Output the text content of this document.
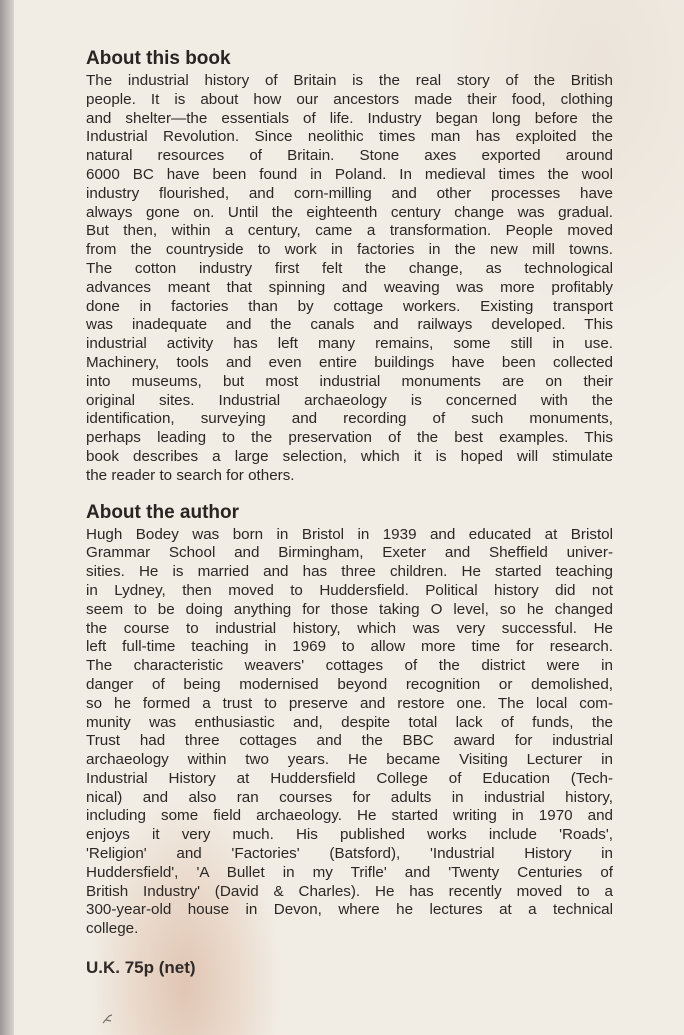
About this book
The industrial history of Britain is the real story of the British
people. It is about how our ancestors made their food, clothing
and shelter—the essentials of life. Industry began long before the
Industrial Revolution. Since neolithic times man has exploited the
natural resources of Britain. Stone axes exported around
6000 BC have been found in Poland. In medieval times the wool
industry flourished, and corn-milling and other processes have
always gone on. Until the eighteenth century change was gradual.
But then, within a century, came a transformation. People moved
from the countryside to work in factories in the new mill towns.
The cotton industry first felt the change, as technological
advances meant that spinning and weaving was more profitably
done in factories than by cottage workers. Existing transport
was inadequate and the canals and railways developed. This
industrial activity has left many remains, some still in use.
Machinery, tools and even entire buildings have been collected
into museums, but most industrial monuments are on their
original sites. Industrial archaeology is concerned with the
identification, surveying and recording of such monuments,
perhaps leading to the preservation of the best examples. This
book describes a large selection, which it is hoped will stimulate
the reader to search for others.
About the author
Hugh Bodey was born in Bristol in 1939 and educated at Bristol
Grammar School and Birmingham, Exeter and Sheffield univer-
sities. He is married and has three children. He started teaching
in Lydney, then moved to Huddersfield. Political history did not
seem to be doing anything for those taking O level, so he changed
the course to industrial history, which was very successful. He
left full-time teaching in 1969 to allow more time for research.
The characteristic weavers' cottages of the district were in
danger of being modernised beyond recognition or demolished,
so he formed a trust to preserve and restore one. The local com-
munity was enthusiastic and, despite total lack of funds, the
Trust had three cottages and the BBC award for industrial
archaeology within two years. He became Visiting Lecturer in
Industrial History at Huddersfield College of Education (Tech-
nical) and also ran courses for adults in industrial history,
including some field archaeology. He started writing in 1970 and
enjoys it very much. His published works include 'Roads',
'Religion' and 'Factories' (Batsford), 'Industrial History in
Huddersfield', 'A Bullet in my Trifle' and 'Twenty Centuries of
British Industry' (David & Charles). He has recently moved to a
300-year-old house in Devon, where he lectures at a technical
college.
U.K. 75p (net)
